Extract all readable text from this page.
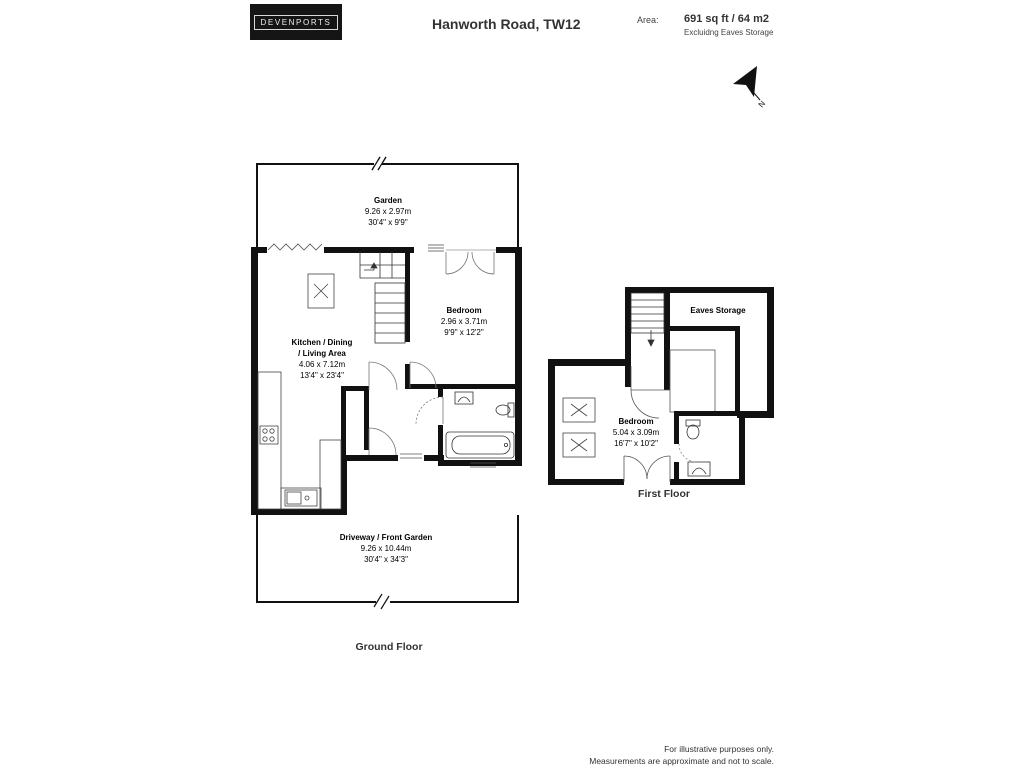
DEVENPORTS	Hanworth Road, TW12	Area: 691 sq ft / 64 m2
Excluidng Eaves Storage
N
Garden
9.26 x 2.97m
30'4" x 9'9"
Kitchen / Dining
/ Living Area
4.06 x 7.12m
13'4" x 23'4"
Bedroom
2.96 x 3.71m
9'9" x 12'2"
Driveway / Front Garden
9.26 x 10.44m
30'4" x 34'3"
Ground Floor
Eaves Storage
Bedroom
5.04 x 3.09m
16'7" x 10'2"
First Floor
For illustrative purposes only.
Measurements are approximate and not to scale.
